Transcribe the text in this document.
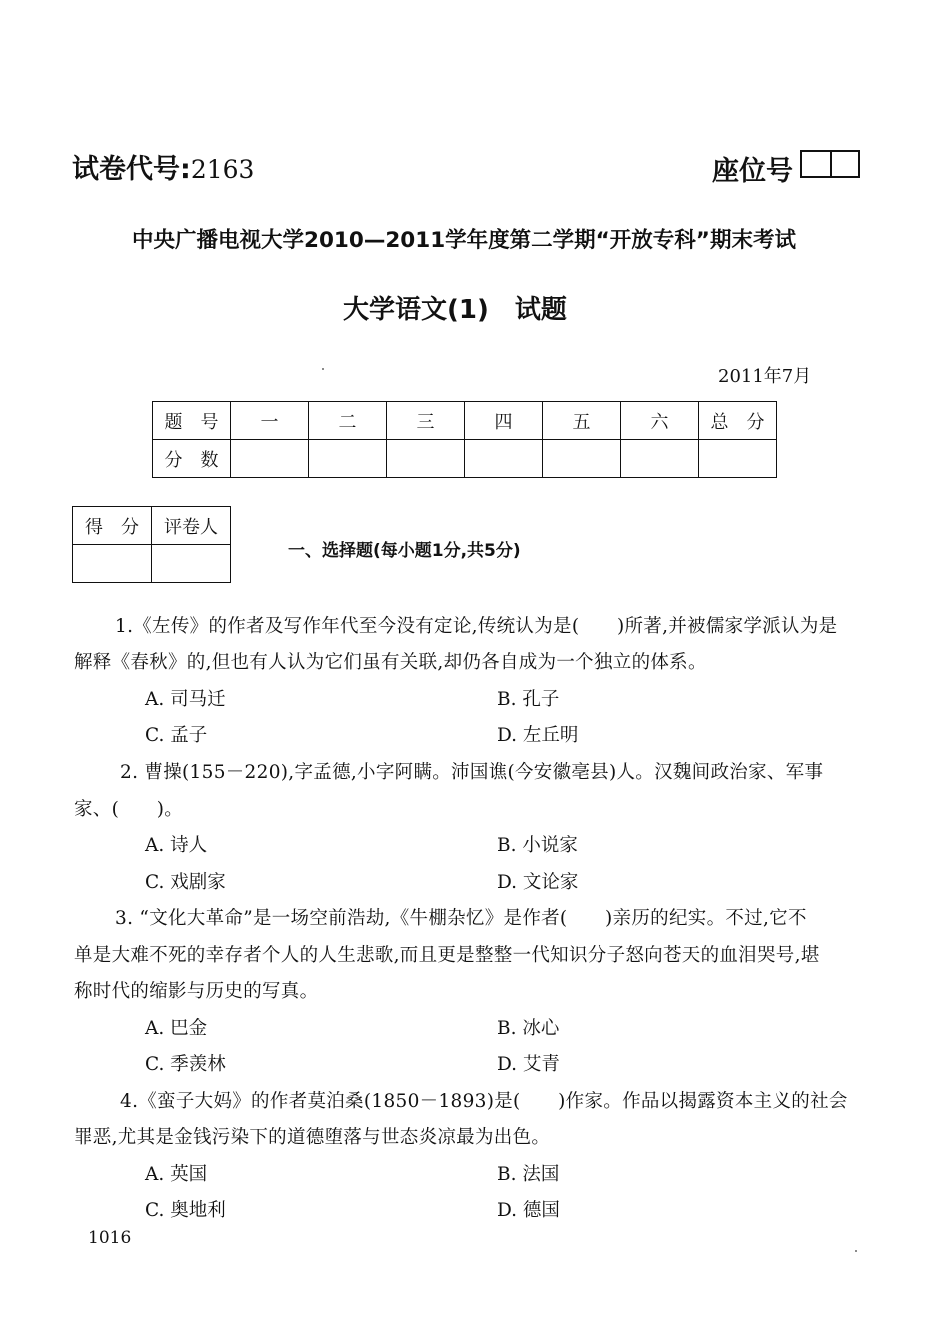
试卷代号:2163	座位号
中央广播电视大学2010—2011学年度第二学期“开放专科”期末考试
大学语文(1)　试题
2011年7月
题　号	一	二	三	四	五	六	总　分
分　数							
得　分	评卷人

一、选择题(每小题1分,共5分)
1.《左传》的作者及写作年代至今没有定论,传统认为是(　　)所著,并被儒家学派认为是
解释《春秋》的,但也有人认为它们虽有关联,却仍各自成为一个独立的体系。
A. 司马迁	B. 孔子
C. 孟子	D. 左丘明
2. 曹操(155－220),字孟德,小字阿瞒。沛国谯(今安徽亳县)人。汉魏间政治家、军事
家、(　　)。
A. 诗人	B. 小说家
C. 戏剧家	D. 文论家
3. “文化大革命”是一场空前浩劫,《牛棚杂忆》是作者(　　)亲历的纪实。不过,它不
单是大难不死的幸存者个人的人生悲歌,而且更是整整一代知识分子怒向苍天的血泪哭号,堪
称时代的缩影与历史的写真。
A. 巴金	B. 冰心
C. 季羡林	D. 艾青
4.《蛮子大妈》的作者莫泊桑(1850－1893)是(　　)作家。作品以揭露资本主义的社会
罪恶,尤其是金钱污染下的道德堕落与世态炎凉最为出色。
A. 英国	B. 法国
C. 奥地利	D. 德国
1016
